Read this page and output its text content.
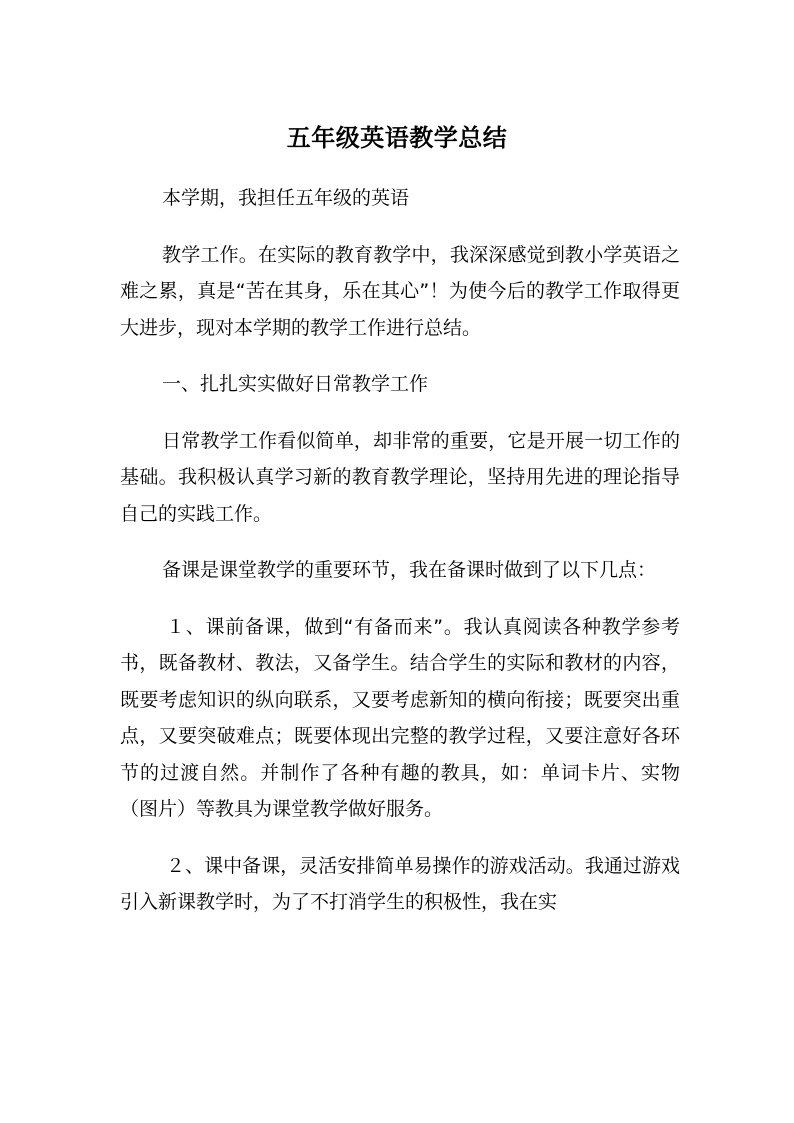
五年级英语教学总结

本学期，我担任五年级的英语

教学工作。在实际的教育教学中，我深深感觉到教小学英语之难之累，真是“苦在其身，乐在其心”！为使今后的教学工作取得更大进步，现对本学期的教学工作进行总结。

一、扎扎实实做好日常教学工作

日常教学工作看似简单，却非常的重要，它是开展一切工作的基础。我积极认真学习新的教育教学理论，坚持用先进的理论指导自己的实践工作。

备课是课堂教学的重要环节，我在备课时做到了以下几点：

１、课前备课，做到“有备而来”。我认真阅读各种教学参考书，既备教材、教法，又备学生。结合学生的实际和教材的内容，既要考虑知识的纵向联系，又要考虑新知的横向衔接；既要突出重点，又要突破难点；既要体现出完整的教学过程，又要注意好各环节的过渡自然。并制作了各种有趣的教具，如：单词卡片、实物（图片）等教具为课堂教学做好服务。

２、课中备课，灵活安排简单易操作的游戏活动。我通过游戏引入新课教学时，为了不打消学生的积极性，我在实
